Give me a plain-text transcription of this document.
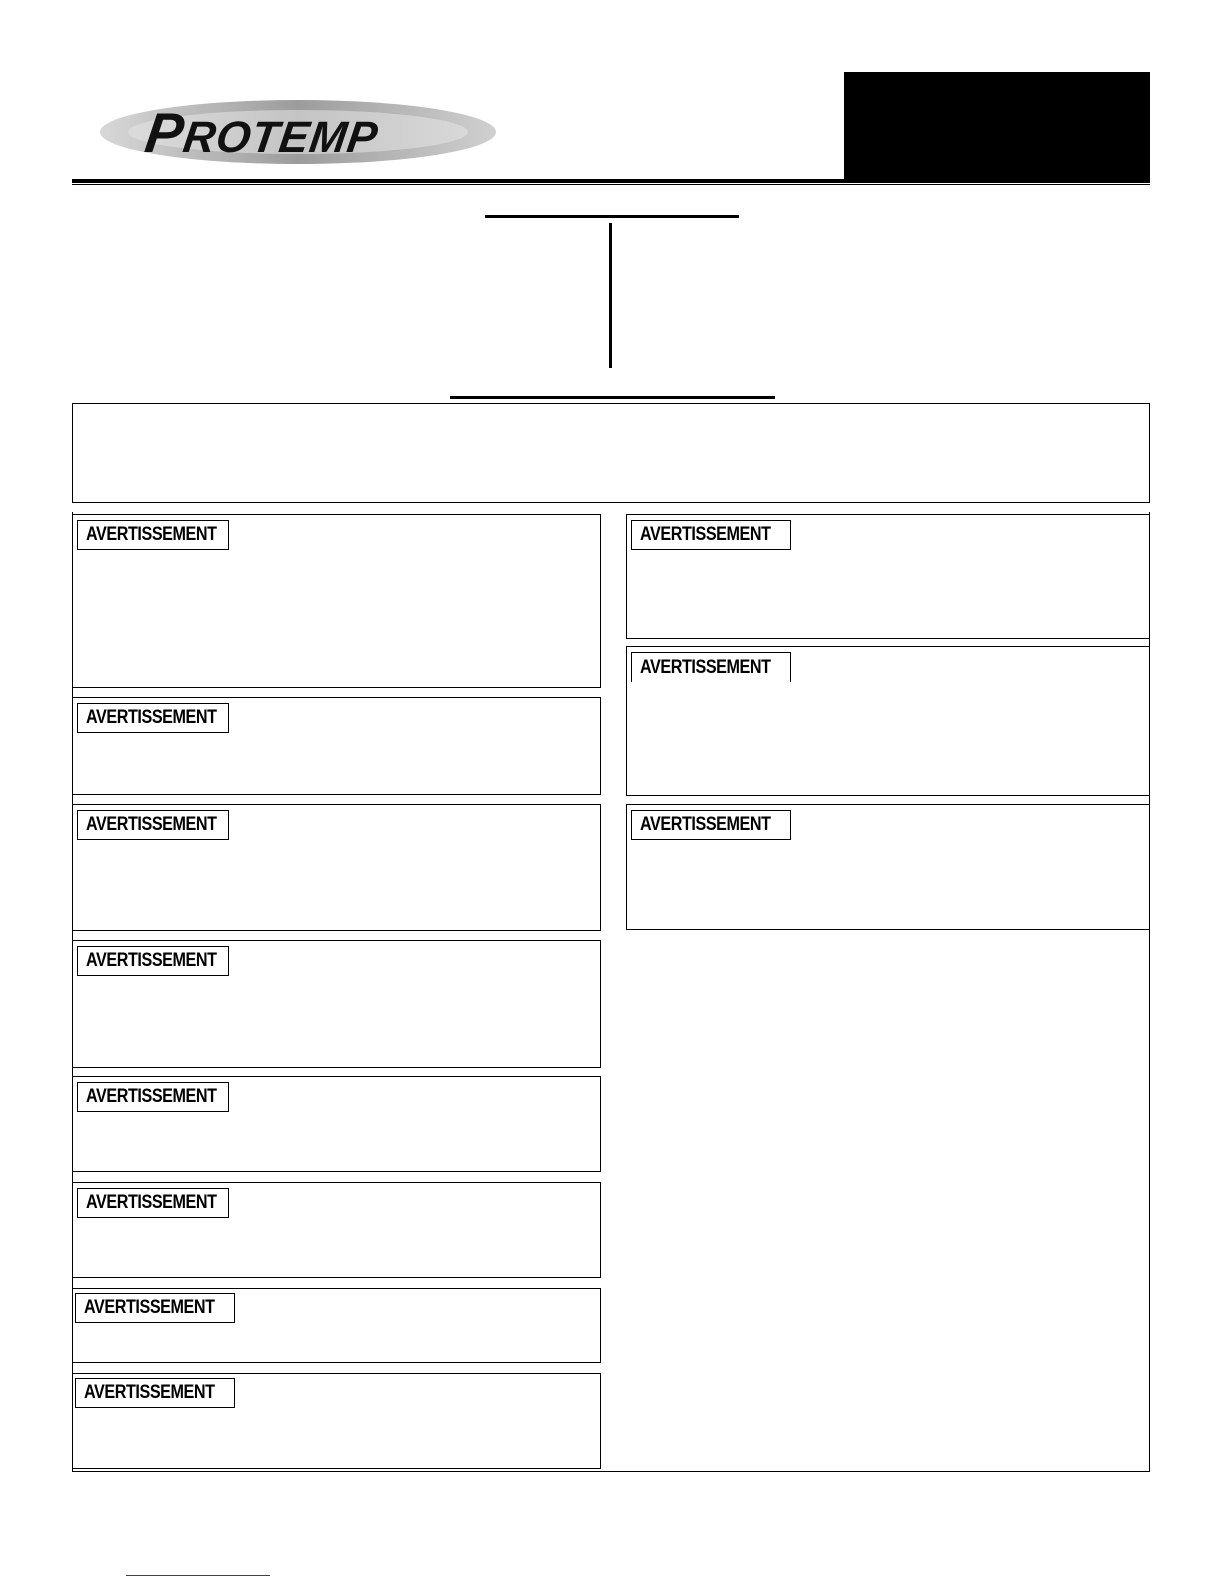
PROTEMP
AVERTISSEMENT
AVERTISSEMENT
AVERTISSEMENT
AVERTISSEMENT
AVERTISSEMENT
AVERTISSEMENT
AVERTISSEMENT
AVERTISSEMENT
AVERTISSEMENT
AVERTISSEMENT
AVERTISSEMENT
